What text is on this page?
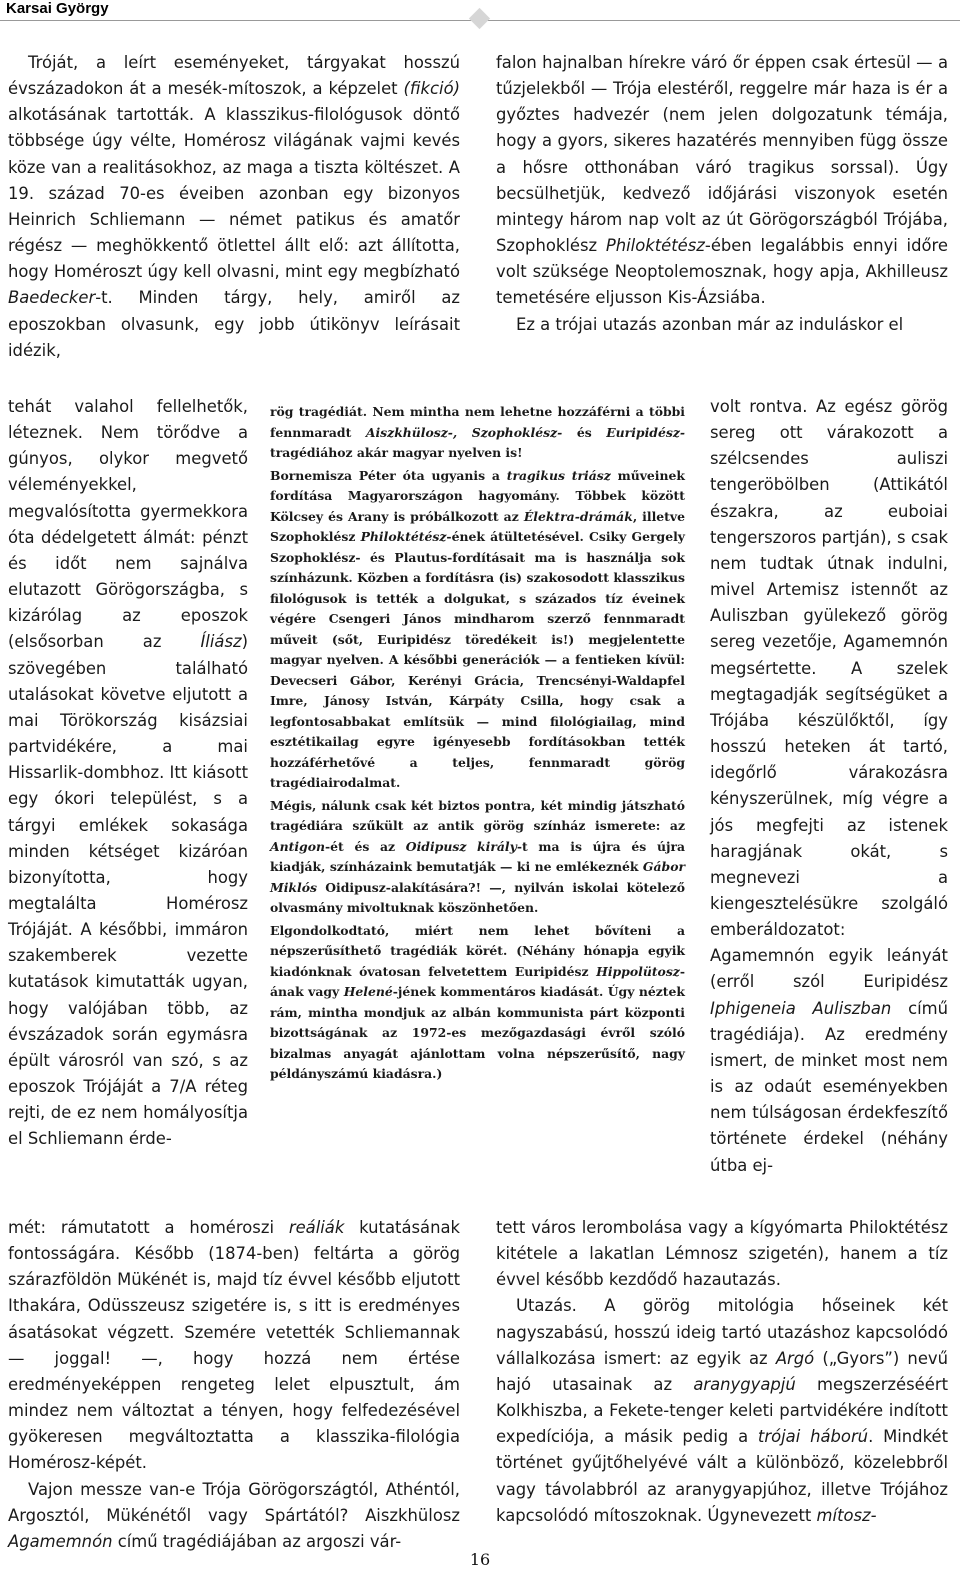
Karsai György

Tróját, a leírt eseményeket, tárgyakat hosszú évszázadokon át a mesék-mítoszok, a képzelet (fikció) alkotásának tartották. A klasszikus-filológusok döntő többsége úgy vélte, Homérosz világának vajmi kevés köze van a realitásokhoz, az maga a tiszta költészet. A 19. század 70-es éveiben azonban egy bizonyos Heinrich Schliemann — német patikus és amatőr régész — meghökkentő ötlettel állt elő: azt állította, hogy Homéroszt úgy kell olvasni, mint egy megbízható Baedecker-t. Minden tárgy, hely, amiről az eposzokban olvasunk, egy jobb útikönyv leírásait idézik,

tehát valahol fellelhetők, léteznek. Nem törődve a gúnyos, olykor megvető véleményekkel, megvalósította gyermekkora óta dédelgetett álmát: pénzt és időt nem sajnálva elutazott Görögországba, s kizárólag az eposzok (elsősorban az Íliász) szövegében található utalásokat követve eljutott a mai Törökország kisázsiai partvidékére, a mai Hissarlik-dombhoz. Itt kiásott egy ókori települést, s a tárgyi emlékek sokasága minden kétséget kizáróan bizonyította, hogy megtalálta Homérosz Trójáját. A későbbi, immáron szakemberek vezette kutatások kimutatták ugyan, hogy valójában több, az évszázadok során egymásra épült városról van szó, s az eposzok Trójáját a 7/A réteg rejti, de ez nem homályosítja el Schliemann érde-

mét: rámutatott a homéroszi reáliák kutatásának fontosságára. Később (1874-ben) feltárta a görög szárazföldön Mükénét is, majd tíz évvel később eljutott Ithakára, Odüsszeusz szigetére is, s itt is eredményes ásatásokat végzett. Szemére vetették Schliemannak — joggal! —, hogy hozzá nem értése eredményeképpen rengeteg lelet elpusztult, ám mindez nem változtat a tényen, hogy felfedezésével gyökeresen megváltoztatta a klasszika-filológia Homérosz-képét.

Vajon messze van-e Trója Görögországtól, Athéntól, Argosztól, Mükénétől vagy Spártától? Aiszkhülosz Agamemnón című tragédiájában az argoszi vár-

falon hajnalban hírekre váró őr éppen csak értesül — a tűzjelekből — Trója elestéről, reggelre már haza is ér a győztes hadvezér (nem jelen dolgozatunk témája, hogy a gyors, sikeres hazatérés mennyiben függ össze a hősre otthonában váró tragikus sorssal). Úgy becsülhetjük, kedvező időjárási viszonyok esetén mintegy három nap volt az út Görögországból Trójába, Szophoklész Philoktétész-ében legalábbis ennyi időre volt szüksége Neoptolemosznak, hogy apja, Akhilleusz temetésére eljusson Kis-Ázsiába.

Ez a trójai utazás azonban már az induláskor el

volt rontva. Az egész görög sereg ott várakozott a szélcsendes auliszi tengeröbölben (Attikától északra, az euboiai tengerszoros partján), s csak nem tudtak útnak indulni, mivel Artemisz istennőt az Auliszban gyülekező görög sereg vezetője, Agamemnón megsértette. A szelek megtagadják segítségüket a Trójába készülőktől, így hosszú heteken át tartó, idegőrlő várakozásra kényszerülnek, míg végre a jós megfejti az istenek haragjának okát, s megnevezi a kiengesztelésükre szolgáló emberáldozatot: Agamemnón egyik leányát (erről szól Euripidész Iphigeneia Auliszban című tragédiája). Az eredmény ismert, de minket most nem is az odaút eseményekben nem túlságosan érdekfeszítő története érdekel (néhány útba ej-

tett város lerombolása vagy a kígyómarta Philoktétész kitétele a lakatlan Lémnosz szigetén), hanem a tíz évvel később kezdődő hazautazás.

Utazás. A görög mitológia hőseinek két nagyszabású, hosszú ideig tartó utazáshoz kapcsolódó vállalkozása ismert: az egyik az Argó („Gyors”) nevű hajó utasainak az aranygyapjú megszerzéséért Kolkhiszba, a Fekete-tenger keleti partvidékére indított expedíciója, a másik pedig a trójai háború. Mindkét történet gyűjtőhelyévé vált a különböző, közelebbről vagy távolabbról az aranygyapjúhoz, illetve Trójához kapcsolódó mítoszoknak. Úgynevezett mítosz-

rög tragédiát. Nem mintha nem lehetne hozzáférni a többi fennmaradt Aiszkhülosz-, Szophoklész- és Euripidész-tragédiához akár magyar nyelven is!

Bornemisza Péter óta ugyanis a tragikus triász műveinek fordítása Magyarországon hagyomány. Többek között Kölcsey és Arany is próbálkozott az Élektra-drámák, illetve Szophoklész Philoktétész-ének átültetésével. Csiky Gergely Szophoklész- és Plautus-fordításait ma is használja sok színházunk. Közben a fordításra (is) szakosodott klasszikus filológusok is tették a dolgukat, s százados tíz éveinek végére Csengeri János mindharom szerző fennmaradt műveit (sőt, Euripidész töredékeit is!) megjelentette magyar nyelven. A későbbi generációk — a fentieken kívül: Devecseri Gábor, Kerényi Grácia, Trencsényi-Waldapfel Imre, Jánosy István, Kárpáty Csilla, hogy csak a legfontosabbakat említsük — mind filológiailag, mind esztétikailag egyre igényesebb fordításokban tették hozzáférhetővé a teljes, fennmaradt görög tragédiairodalmat.

Mégis, nálunk csak két biztos pontra, két mindig játszható tragédiára szűkült az antik görög színház ismerete: az Antigon-ét és az Oidipusz király-t ma is újra és újra kiadják, színházaink bemutatják — ki ne emlékeznék Gábor Miklós Oidipusz-alakítására?! —, nyilván iskolai kötelező olvasmány mivoltuknak köszönhetően.

Elgondolkodtató, miért nem lehet bővíteni a népszerűsíthető tragédiák körét. (Néhány hónapja egyik kiadónknak óvatosan felvetettem Euripidész Hippolütosz-ának vagy Helené-jének kommentáros kiadását. Úgy néztek rám, mintha mondjuk az albán kommunista párt központi bizottságának az 1972-es mezőgazdasági évről szóló bizalmas anyagát ajánlottam volna népszerűsítő, nagy példányszámú kiadásra.)

16
